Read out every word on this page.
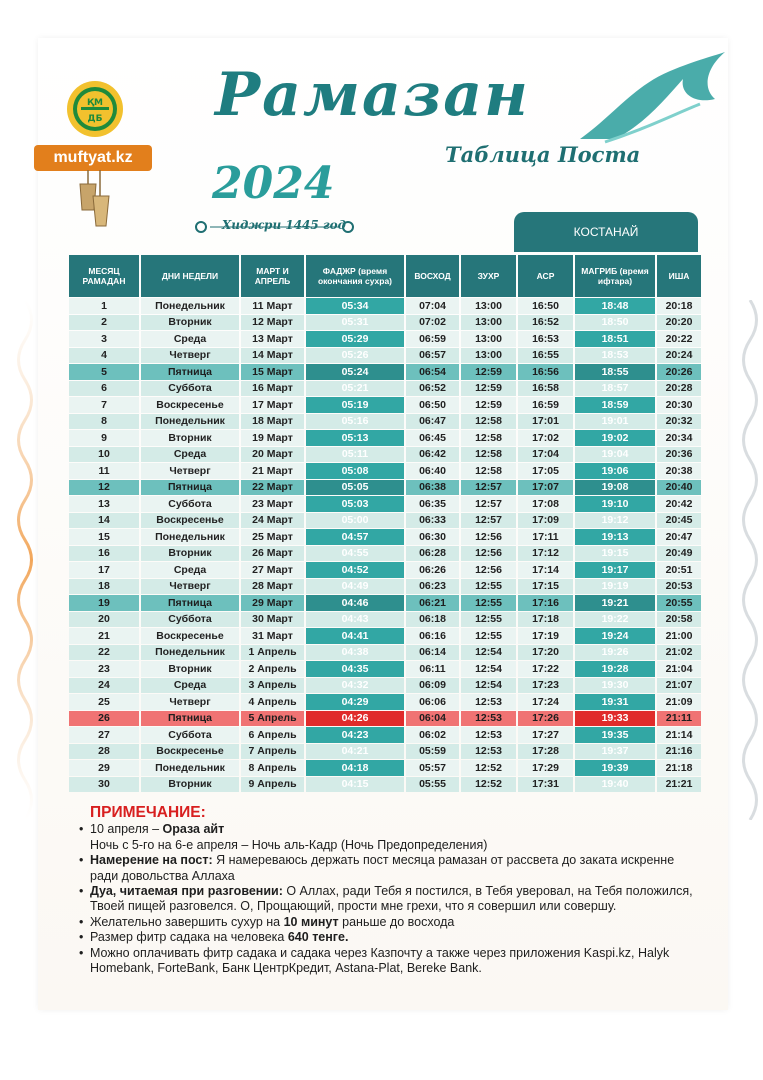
ҚМ
ДБ
muftyat.kz
Рамазан
Таблица Поста
2024
Хиджри 1445 год	КОСТАНАЙ
МЕСЯЦ РАМАДАН	ДНИ НЕДЕЛИ	МАРТ И АПРЕЛЬ	ФАДЖР (время окончания сухра)	ВОСХОД	ЗУХР	АСР	МАГРИБ (время ифтара)	ИША
1	Понедельник	11 Март	05:34	07:04	13:00	16:50	18:48	20:18
2	Вторник	12 Март	05:31	07:02	13:00	16:52	18:50	20:20
3	Среда	13 Март	05:29	06:59	13:00	16:53	18:51	20:22
4	Четверг	14 Март	05:26	06:57	13:00	16:55	18:53	20:24
5	Пятница	15 Март	05:24	06:54	12:59	16:56	18:55	20:26
6	Суббота	16 Март	05:21	06:52	12:59	16:58	18:57	20:28
7	Воскресенье	17 Март	05:19	06:50	12:59	16:59	18:59	20:30
8	Понедельник	18 Март	05:16	06:47	12:58	17:01	19:01	20:32
9	Вторник	19 Март	05:13	06:45	12:58	17:02	19:02	20:34
10	Среда	20 Март	05:11	06:42	12:58	17:04	19:04	20:36
11	Четверг	21 Март	05:08	06:40	12:58	17:05	19:06	20:38
12	Пятница	22 Март	05:05	06:38	12:57	17:07	19:08	20:40
13	Суббота	23 Март	05:03	06:35	12:57	17:08	19:10	20:42
14	Воскресенье	24 Март	05:00	06:33	12:57	17:09	19:12	20:45
15	Понедельник	25 Март	04:57	06:30	12:56	17:11	19:13	20:47
16	Вторник	26 Март	04:55	06:28	12:56	17:12	19:15	20:49
17	Среда	27 Март	04:52	06:26	12:56	17:14	19:17	20:51
18	Четверг	28 Март	04:49	06:23	12:55	17:15	19:19	20:53
19	Пятница	29 Март	04:46	06:21	12:55	17:16	19:21	20:55
20	Суббота	30 Март	04:43	06:18	12:55	17:18	19:22	20:58
21	Воскресенье	31 Март	04:41	06:16	12:55	17:19	19:24	21:00
22	Понедельник	1 Апрель	04:38	06:14	12:54	17:20	19:26	21:02
23	Вторник	2 Апрель	04:35	06:11	12:54	17:22	19:28	21:04
24	Среда	3 Апрель	04:32	06:09	12:54	17:23	19:30	21:07
25	Четверг	4 Апрель	04:29	06:06	12:53	17:24	19:31	21:09
26	Пятница	5 Апрель	04:26	06:04	12:53	17:26	19:33	21:11
27	Суббота	6 Апрель	04:23	06:02	12:53	17:27	19:35	21:14
28	Воскресенье	7 Апрель	04:21	05:59	12:53	17:28	19:37	21:16
29	Понедельник	8 Апрель	04:18	05:57	12:52	17:29	19:39	21:18
30	Вторник	9 Апрель	04:15	05:55	12:52	17:31	19:40	21:21
ПРИМЕЧАНИЕ:
• 10 апреля – Ораза айт
Ночь с 5-го на 6-е апреля – Ночь аль-Кадр (Ночь Предопределения)
• Намерение на пост: Я намереваюсь держать пост месяца рамазан от рассвета до заката искренне ради довольства Аллаха
• Дуа, читаемая при разговении: О Аллах, ради Тебя я постился, в Тебя уверовал, на Тебя положился, Твоей пищей разговелся. О, Прощающий, прости мне грехи, что я совершил или совершу.
• Желательно завершить сухур на 10 минут раньше до восхода
• Размер фитр садака на человека 640 тенге.
• Можно оплачивать фитр садака и садака через Казпочту а также через приложения Kaspi.kz, Halyk Homebank, ForteBank, Банк ЦентрКредит, Astana-Plat, Bereke Bank.
